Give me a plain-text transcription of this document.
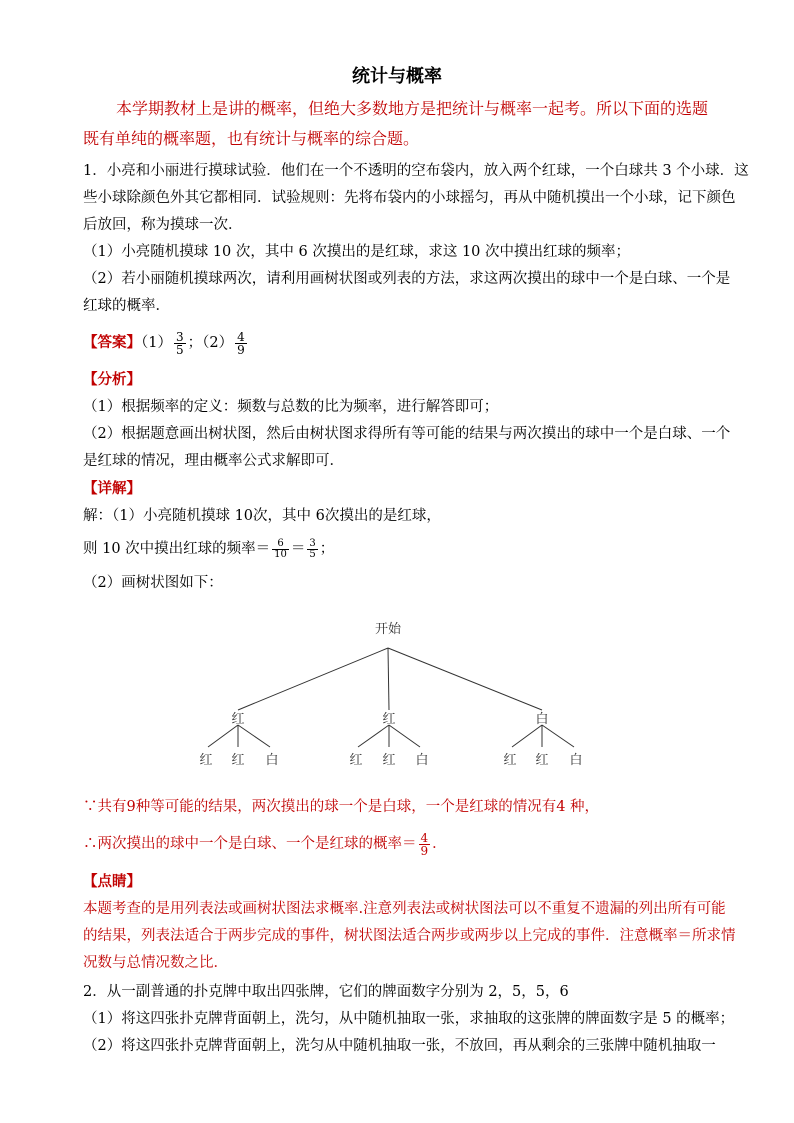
统计与概率
本学期教材上是讲的概率，但绝大多数地方是把统计与概率一起考。所以下面的选题
既有单纯的概率题，也有统计与概率的综合题。
1．小亮和小丽进行摸球试验．他们在一个不透明的空布袋内，放入两个红球，一个白球共 3 个小球．这
些小球除颜色外其它都相同．试验规则：先将布袋内的小球摇匀，再从中随机摸出一个小球，记下颜色
后放回，称为摸球一次．
（1）小亮随机摸球 10 次，其中 6 次摸出的是红球，求这 10 次中摸出红球的频率；
（2）若小丽随机摸球两次，请利用画树状图或列表的方法，求这两次摸出的球中一个是白球、一个是
红球的概率．
【答案】$(1) \frac{3}{5}$ ；$(2) \frac{4}{9}$
【分析】
（1）根据频率的定义：频数与总数的比为频率，进行解答即可；
（2）根据题意画出树状图，然后由树状图求得所有等可能的结果与两次摸出的球中一个是白球、一个
是红球的情况，理由概率公式求解即可．
【详解】
解：（1）小亮随机摸球 10次，其中 6次摸出的是红球，
则 10 次中摸出红球的频率＝ $\frac{6}{10} = \frac{3}{5}$ ；
（2）画树状图如下：
开始
红	红	白
红 红 白	红 红 白	红 红 白
∵共有9种等可能的结果，两次摸出的球一个是白球，一个是红球的情况有4 种，
∴两次摸出的球中一个是白球、一个是红球的概率＝ $\frac{4}{9}$ ．
【点睛】
本题考查的是用列表法或画树状图法求概率.注意列表法或树状图法可以不重复不遗漏的列出所有可能
的结果，列表法适合于两步完成的事件，树状图法适合两步或两步以上完成的事件．注意概率＝所求情
况数与总情况数之比．
2．从一副普通的扑克牌中取出四张牌，它们的牌面数字分别为 2，5，5，6
（1）将这四张扑克牌背面朝上，洗匀，从中随机抽取一张，求抽取的这张牌的牌面数字是 5 的概率；
（2）将这四张扑克牌背面朝上，洗匀从中随机抽取一张，不放回，再从剩余的三张牌中随机抽取一
